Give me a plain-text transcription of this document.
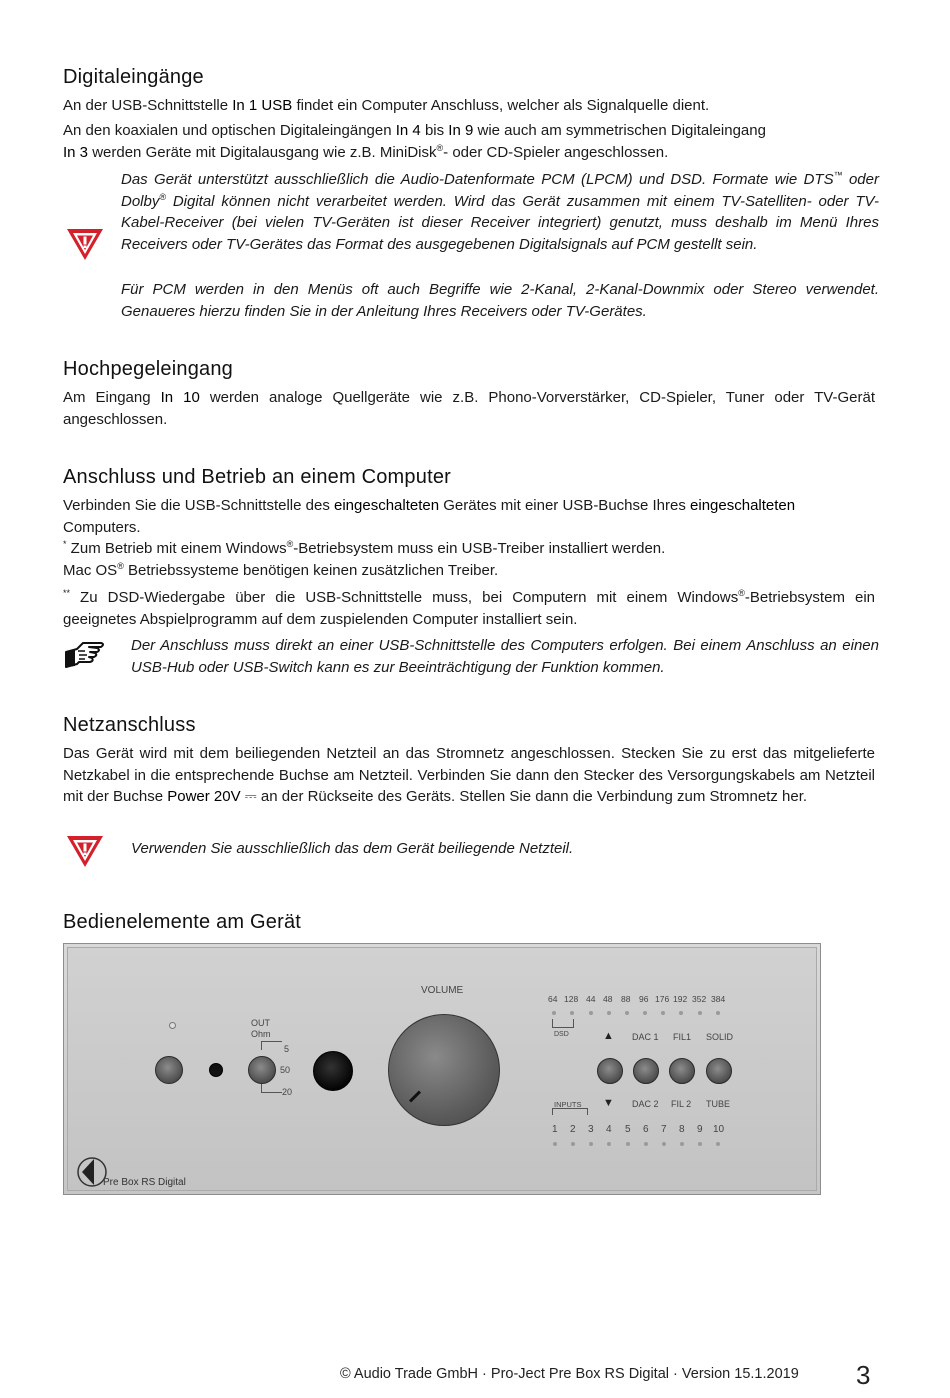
Digitaleingänge

An der USB-Schnittstelle In 1 USB findet ein Computer Anschluss, welcher als Signalquelle dient.

An den koaxialen und optischen Digitaleingängen In 4 bis In 9 wie auch am symmetrischen Digitaleingang
In 3 werden Geräte mit Digitalausgang wie z.B. MiniDisk®- oder CD-Spieler angeschlossen.

Das Gerät unterstützt ausschließlich die Audio-Datenformate PCM (LPCM) und DSD. Formate wie DTS™ oder Dolby® Digital können nicht verarbeitet werden. Wird das Gerät zusammen mit einem TV-Satelliten- oder TV-Kabel-Receiver (bei vielen TV-Geräten ist dieser Receiver integriert) genutzt, muss deshalb im Menü Ihres Receivers oder TV-Gerätes das Format des ausgegebenen Digitalsignals auf PCM gestellt sein.

Für PCM werden in den Menüs oft auch Begriffe wie 2-Kanal, 2-Kanal-Downmix oder Stereo verwendet. Genaueres hierzu finden Sie in der Anleitung Ihres Receivers oder TV-Gerätes.

Hochpegeleingang

Am Eingang In 10 werden analoge Quellgeräte wie z.B. Phono-Vorverstärker, CD-Spieler, Tuner oder TV-Gerät angeschlossen.

Anschluss und Betrieb an einem Computer

Verbinden Sie die USB-Schnittstelle des eingeschalteten Gerätes mit einer USB-Buchse Ihres eingeschalteten
Computers.

* Zum Betrieb mit einem Windows®-Betriebsystem muss ein USB-Treiber installiert werden.

Mac OS® Betriebssysteme benötigen keinen zusätzlichen Treiber.

** Zu DSD-Wiedergabe über die USB-Schnittstelle muss, bei Computern mit einem Windows®-Betriebsystem ein geeignetes Abspielprogramm auf dem zuspielenden Computer installiert sein.

Der Anschluss muss direkt an einer USB-Schnittstelle des Computers erfolgen. Bei einem Anschluss an einen USB-Hub oder USB-Switch kann es zur Beeinträchtigung der Funktion kommen.

Netzanschluss

Das Gerät wird mit dem beiliegenden Netzteil an das Stromnetz angeschlossen. Stecken Sie zu erst das mitgelieferte Netzkabel in die entsprechende Buchse am Netzteil. Verbinden Sie dann den Stecker des Versorgungskabels am Netzteil mit der Buchse Power 20V ⎓ an der Rückseite des Geräts. Stellen Sie dann die Verbindung zum Stromnetz her.

Verwenden Sie ausschließlich das dem Gerät beiliegende Netzteil.

Bedienelemente am Gerät
OUT
Ohm
5
50
20
VOLUME
64 128 44 48 88 96 176 192 352 384
DSD	▲ DAC 1 FIL1 SOLID
▼ DAC 2 FIL 2 TUBE
INPUTS
1 2 3 4 5 6 7 8 9 10
Pre Box RS Digital
© Audio Trade GmbH · Pro-Ject Pre Box RS Digital · Version 15.1.2019 3
